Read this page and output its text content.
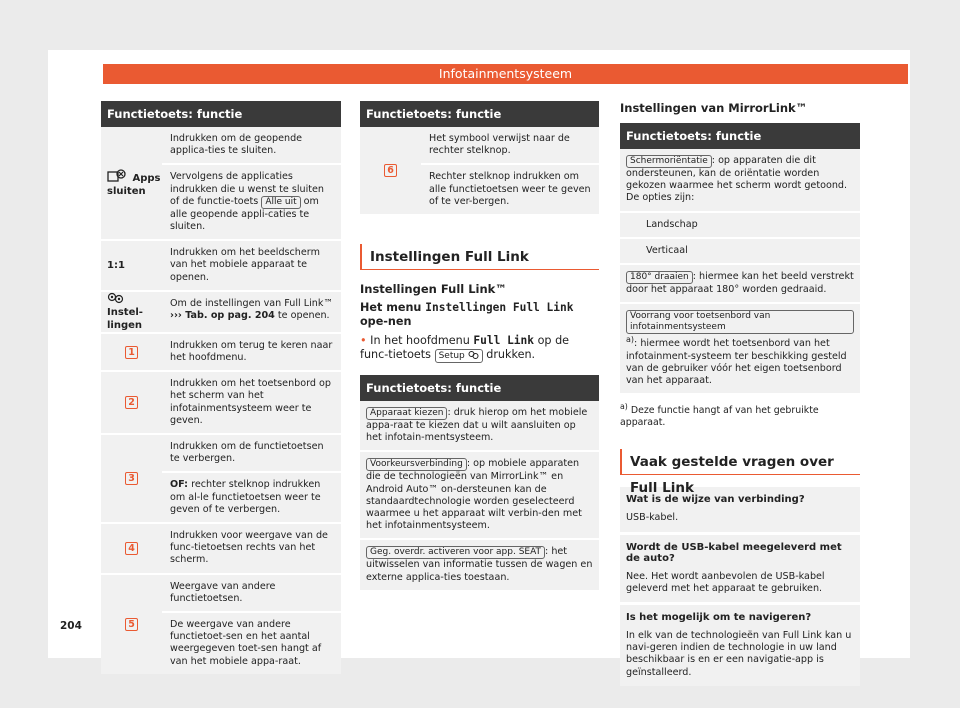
Infotainmentsysteem
Functietoets: functie
Apps sluiten
Indrukken om de geopende applica-ties te sluiten.
Vervolgens de applicaties indrukken die u wenst te sluiten of de functie-toets Alle uit om alle geopende appli-caties te sluiten.
1:1
Indrukken om het beeldscherm van het mobiele apparaat te openen.
Instel-lingen
Om de instellingen van Full Link™ ››› Tab. op pag. 204 te openen.
1
Indrukken om terug te keren naar het hoofdmenu.
2
Indrukken om het toetsenbord op het scherm van het infotainmentsysteem weer te geven.
3
Indrukken om de functietoetsen te verbergen.
OF: rechter stelknop indrukken om al-le functietoetsen weer te geven of te verbergen.
4
Indrukken voor weergave van de func-tietoetsen rechts van het scherm.
5
Weergave van andere functietoetsen.
De weergave van andere functietoet-sen en het aantal weergegeven toet-sen hangt af van het mobiele appa-raat.
Functietoets: functie
6
Het symbool verwijst naar de rechter stelknop.
Rechter stelknop indrukken om alle functietoetsen weer te geven of te ver-bergen.
Instellingen Full Link
Instellingen Full Link™
Het menu Instellingen Full Link ope-nen
• In het hoofdmenu Full Link op de func-tietoets Setup drukken.
Functietoets: functie
Apparaat kiezen : druk hierop om het mobiele appa-raat te kiezen dat u wilt aansluiten op het infotain-mentsysteem.
Voorkeursverbinding : op mobiele apparaten die de technologieën van MirrorLink™ en Android Auto™ on-dersteunen kan de standaardtechnologie worden geselecteerd waarmee u het apparaat wilt verbin-den met het infotainmentsysteem.
Geg. overdr. activeren voor app. SEAT : het uitwisselen van informatie tussen de wagen en externe applica-ties toestaan.
Instellingen van MirrorLink™
Functietoets: functie
Schermoriëntatie : op apparaten die dit ondersteunen, kan de oriëntatie worden gekozen waarmee het scherm wordt getoond. De opties zijn:
Landschap
Verticaal
180° draaien : hiermee kan het beeld verstrekt door het apparaat 180° worden gedraaid.
Voorrang voor toetsenbord van infotainmentsysteem$^{a)}$: hiermee wordt het toetsenbord van het infotainment-systeem ter beschikking gesteld van de gebruiker vóór het eigen toetsenbord van het apparaat.
$^{a)}$ Deze functie hangt af van het gebruikte apparaat.
Vaak gestelde vragen over Full Link
Wat is de wijze van verbinding?
USB-kabel.
Wordt de USB-kabel meegeleverd met de auto?
Nee. Het wordt aanbevolen de USB-kabel geleverd met het apparaat te gebruiken.
Is het mogelijk om te navigeren?
In elk van de technologieën van Full Link kan u navi-geren indien de technologie in uw land beschikbaar is en er een navigatie-app is geïnstalleerd.
204
